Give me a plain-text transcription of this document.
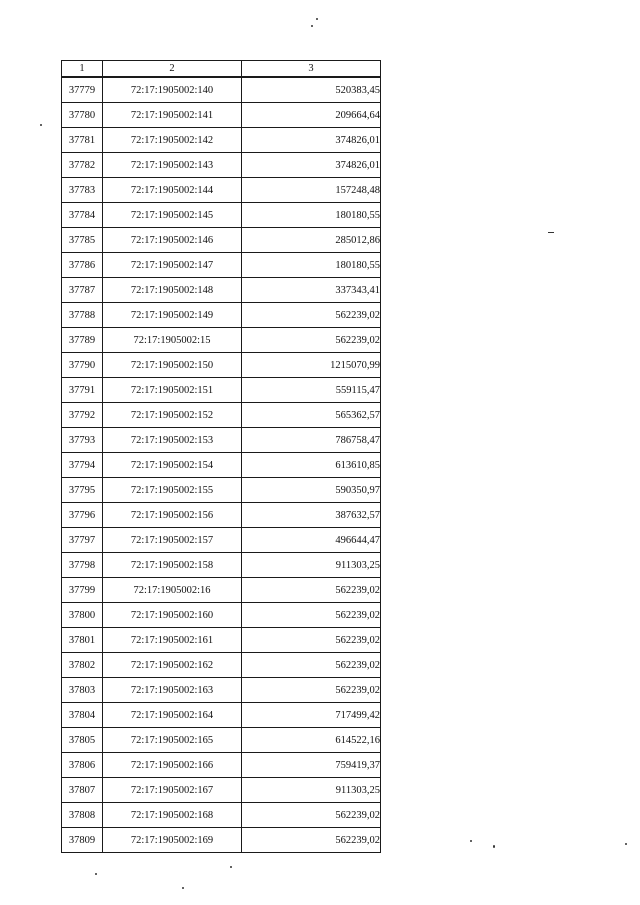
1	2	3
37779	72:17:1905002:140	520383,45
37780	72:17:1905002:141	209664,64
37781	72:17:1905002:142	374826,01
37782	72:17:1905002:143	374826,01
37783	72:17:1905002:144	157248,48
37784	72:17:1905002:145	180180,55
37785	72:17:1905002:146	285012,86
37786	72:17:1905002:147	180180,55
37787	72:17:1905002:148	337343,41
37788	72:17:1905002:149	562239,02
37789	72:17:1905002:15	562239,02
37790	72:17:1905002:150	1215070,99
37791	72:17:1905002:151	559115,47
37792	72:17:1905002:152	565362,57
37793	72:17:1905002:153	786758,47
37794	72:17:1905002:154	613610,85
37795	72:17:1905002:155	590350,97
37796	72:17:1905002:156	387632,57
37797	72:17:1905002:157	496644,47
37798	72:17:1905002:158	911303,25
37799	72:17:1905002:16	562239,02
37800	72:17:1905002:160	562239,02
37801	72:17:1905002:161	562239,02
37802	72:17:1905002:162	562239,02
37803	72:17:1905002:163	562239,02
37804	72:17:1905002:164	717499,42
37805	72:17:1905002:165	614522,16
37806	72:17:1905002:166	759419,37
37807	72:17:1905002:167	911303,25
37808	72:17:1905002:168	562239,02
37809	72:17:1905002:169	562239,02
